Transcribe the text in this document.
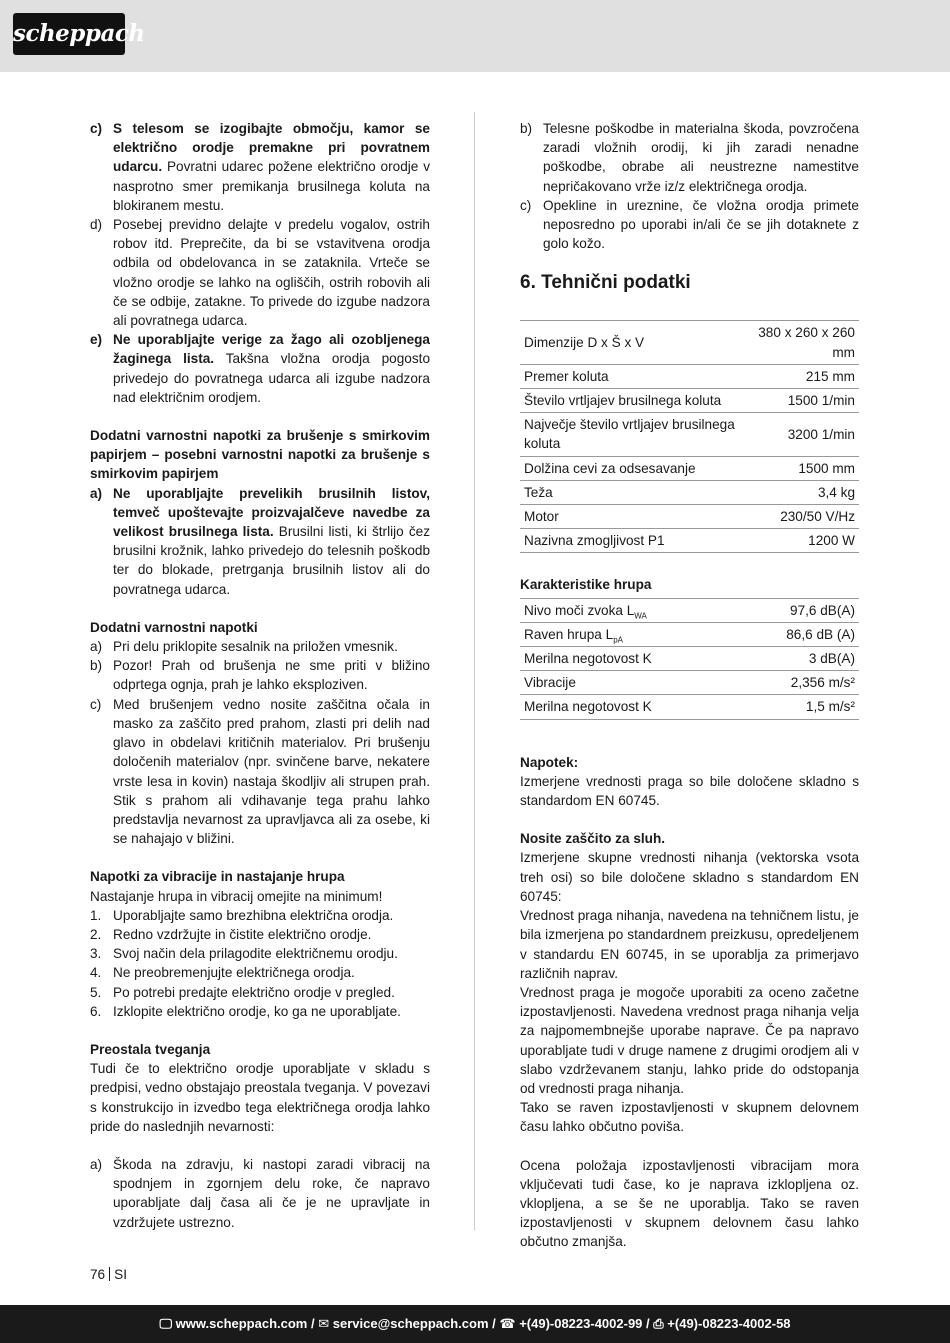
scheppach
c) S telesom se izogibajte območju, kamor se električno orodje premakne pri povratnem udarcu. Povratni udarec požene električno orodje v nasprotno smer premikanja brusilnega koluta na blokiranem mestu.
d) Posebej previdno delajte v predelu vogalov, ostrih robov itd. Preprečite, da bi se vstavitvena orodja odbila od obdelovanca in se zataknila. Vrteče se vložno orodje se lahko na ogliščih, ostrih robovih ali če se odbije, zatakne. To privede do izgube nadzora ali povratnega udarca.
e) Ne uporabljajte verige za žago ali ozobljenega žaginega lista. Takšna vložna orodja pogosto privedejo do povratnega udarca ali izgube nadzora nad električnim orodjem.

Dodatni varnostni napotki za brušenje s smirkovim papirjem – posebni varnostni napotki za brušenje s smirkovim papirjem

a) Ne uporabljajte prevelikih brusilnih listov, temveč upoštevajte proizvajalčeve navedbe za velikost brusilnega lista. Brusilni listi, ki štrlijo čez brusilni krožnik, lahko privedejo do telesnih poškodb ter do blokade, pretrganja brusilnih listov ali do povratnega udarca.

Dodatni varnostni napotki

a) Pri delu priklopite sesalnik na priložen vmesnik.
b) Pozor! Prah od brušenja ne sme priti v bližino odprtega ognja, prah je lahko eksploziven.
c) Med brušenjem vedno nosite zaščitna očala in masko za zaščito pred prahom, zlasti pri delih nad glavo in obdelavi kritičnih materialov. Pri brušenju določenih materialov (npr. svinčene barve, nekatere vrste lesa in kovin) nastaja škodljiv ali strupen prah. Stik s prahom ali vdihavanje tega prahu lahko predstavlja nevarnost za upravljavca ali za osebe, ki se nahajajo v bližini.

Napotki za vibracije in nastajanje hrupa

Nastajanje hrupa in vibracij omejite na minimum!

1. Uporabljajte samo brezhibna električna orodja.
2. Redno vzdržujte in čistite električno orodje.
3. Svoj način dela prilagodite električnemu orodju.
4. Ne preobremenjujte električnega orodja.
5. Po potrebi predajte električno orodje v pregled.
6. Izklopite električno orodje, ko ga ne uporabljate.

Preostala tveganja

Tudi če to električno orodje uporabljate v skladu s predpisi, vedno obstajajo preostala tveganja. V povezavi s konstrukcijo in izvedbo tega električnega orodja lahko pride do naslednjih nevarnosti:

a) Škoda na zdravju, ki nastopi zaradi vibracij na spodnjem in zgornjem delu roke, če napravo uporabljate dalj časa ali če je ne upravljate in vzdržujete ustrezno.
b) Telesne poškodbe in materialna škoda, povzročena zaradi vložnih orodij, ki jih zaradi nenadne poškodbe, obrabe ali neustrezne namestitve nepričakovano vrže iz/z električnega orodja.
c) Opekline in ureznine, če vložna orodja primete neposredno po uporabi in/ali če se jih dotaknete z golo kožo.
6. Tehnični podatki
Dimenzije D x Š x V	380 x 260 x 260 mm
Premer koluta	215 mm
Število vrtljajev brusilnega koluta	1500 1/min
Največje število vrtljajev brusilnega koluta	3200 1/min
Dolžina cevi za odsesavanje	1500 mm
Teža	3,4 kg
Motor	230/50 V/Hz
Nazivna zmogljivost P1	1200 W
Karakteristike hrupa
Nivo moči zvoka $L_{WA}$	97,6 dB(A)
Raven hrupa $L_{pA}$	86,6 dB (A)
Merilna negotovost K	3 dB(A)
Vibracije	2,356 m/s²
Merilna negotovost K	1,5 m/s²

Napotek:

Izmerjene vrednosti praga so bile določene skladno s standardom EN 60745.

Nosite zaščito za sluh.

Izmerjene skupne vrednosti nihanja (vektorska vsota treh osi) so bile določene skladno s standardom EN 60745:

Vrednost praga nihanja, navedena na tehničnem listu, je bila izmerjena po standardnem preizkusu, opredeljenem v standardu EN 60745, in se uporablja za primerjavo različnih naprav.

Vrednost praga je mogoče uporabiti za oceno začetne izpostavljenosti. Navedena vrednost praga nihanja velja za najpomembnejše uporabe naprave. Če pa napravo uporabljate tudi v druge namene z drugimi orodjem ali v slabo vzdrževanem stanju, lahko pride do odstopanja od vrednosti praga nihanja.

Tako se raven izpostavljenosti v skupnem delovnem času lahko občutno poviša.

Ocena položaja izpostavljenosti vibracijam mora vključevati tudi čase, ko je naprava izklopljena oz. vklopljena, a se še ne uporablja. Tako se raven izpostavljenosti v skupnem delovnem času lahko občutno zmanjša.

76 SI
🖵 www.scheppach.com / ✉ service@scheppach.com / ☎ +(49)-08223-4002-99 / ⎙ +(49)-08223-4002-58
